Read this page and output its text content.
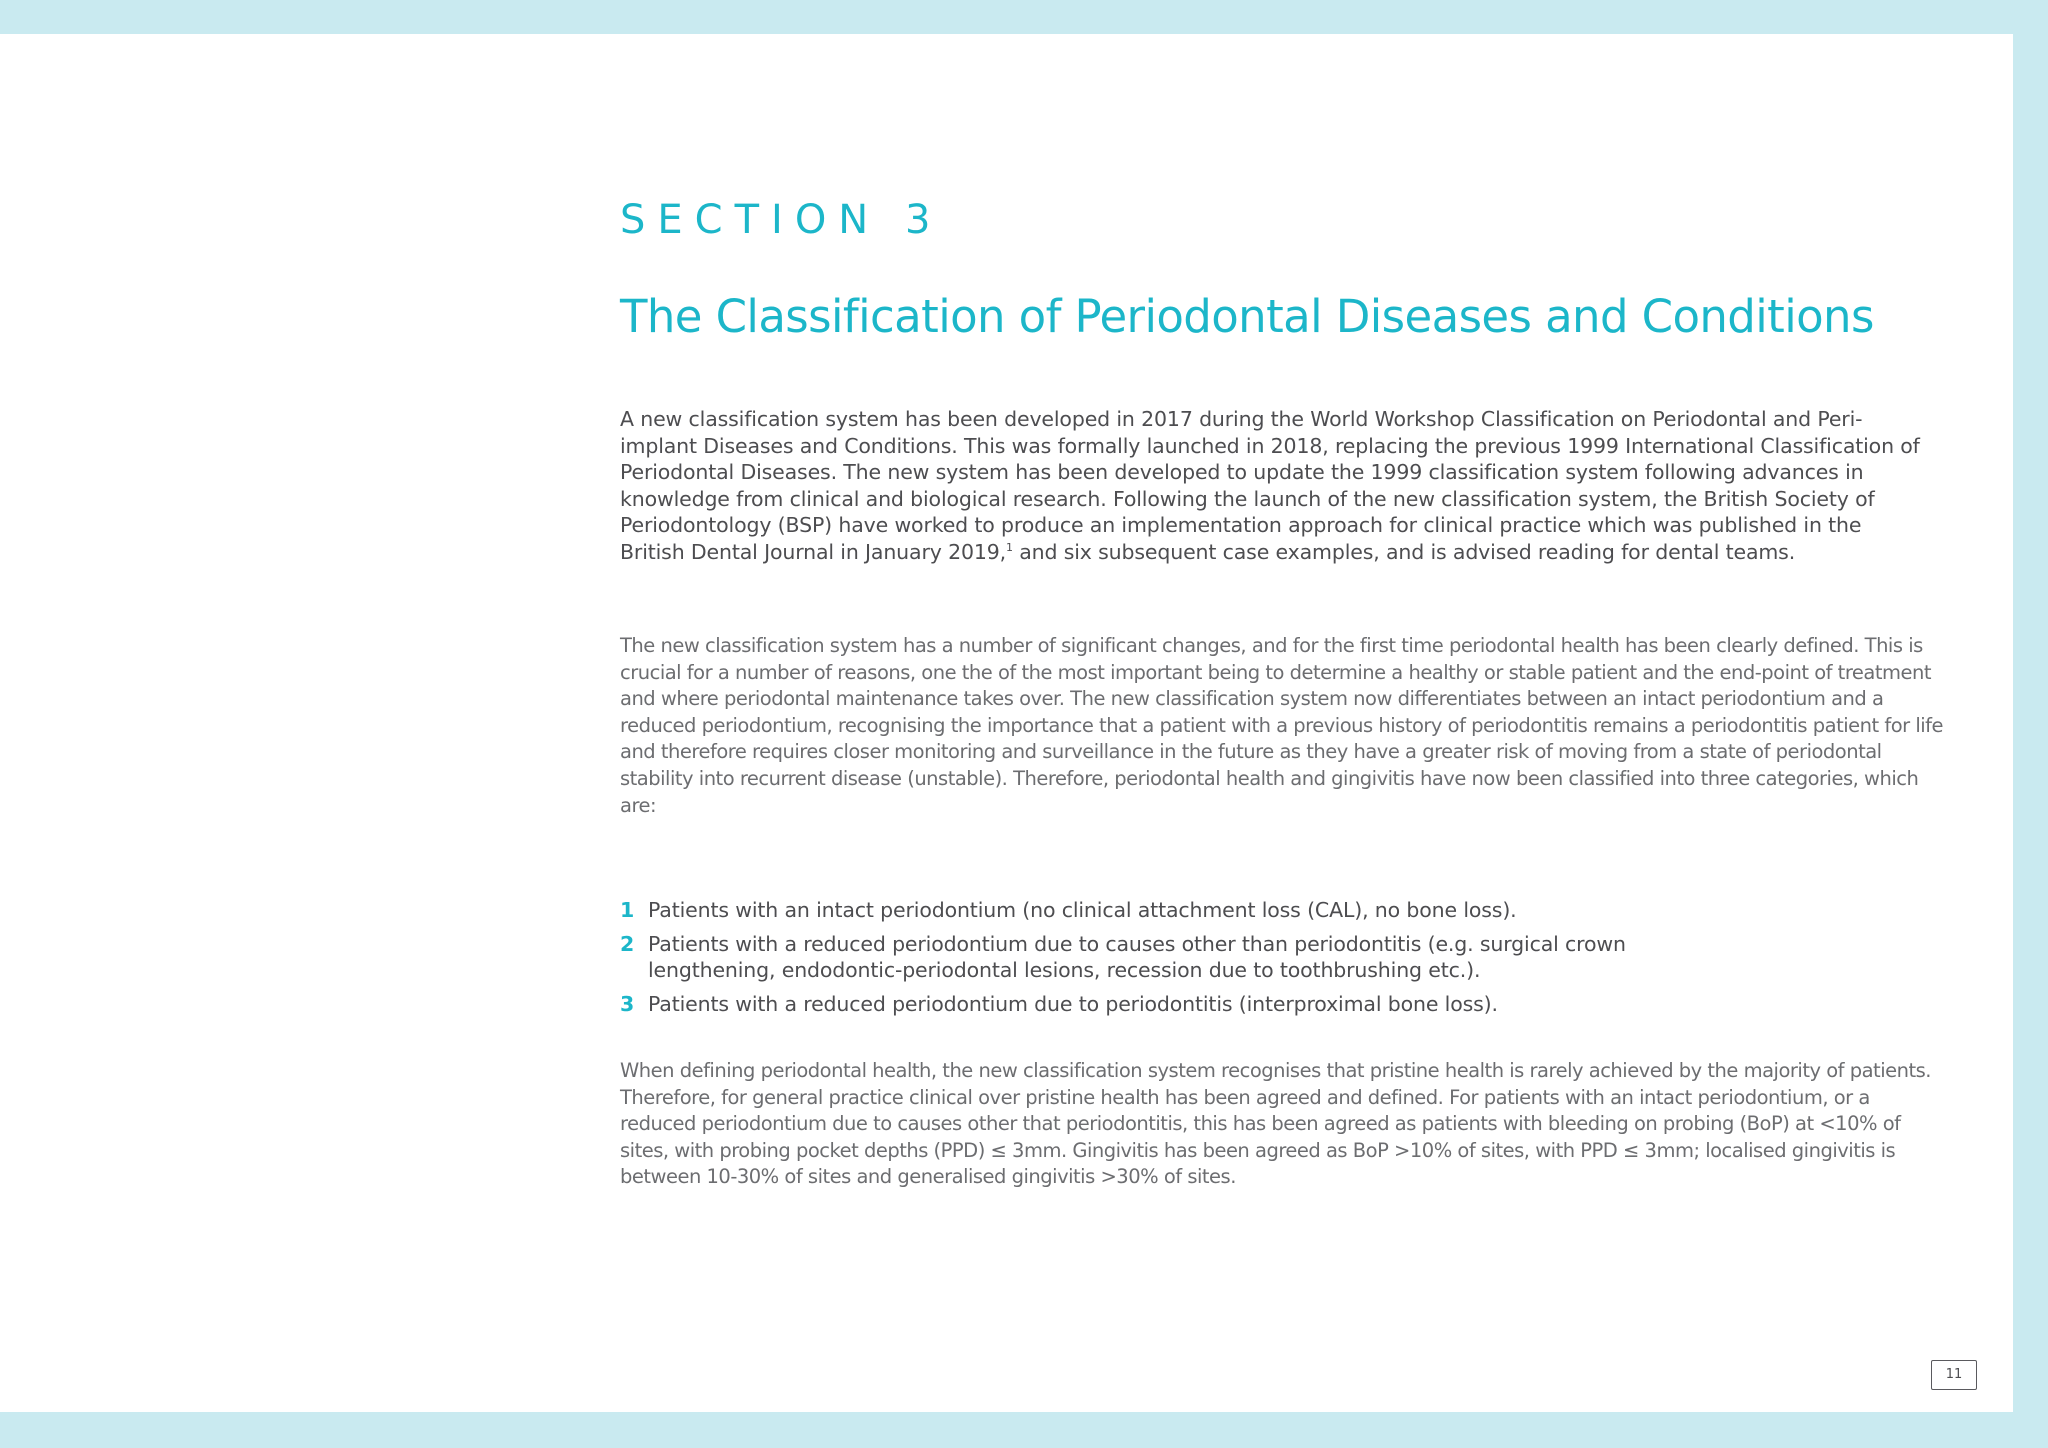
SECTION 3
The Classification of Periodontal Diseases and Conditions

A new classification system has been developed in 2017 during the World Workshop Classification on Periodontal and Peri-implant Diseases and Conditions. This was formally launched in 2018, replacing the previous 1999 International Classification of Periodontal Diseases. The new system has been developed to update the 1999 classification system following advances in knowledge from clinical and biological research. Following the launch of the new classification system, the British Society of Periodontology (BSP) have worked to produce an implementation approach for clinical practice which was published in the British Dental Journal in January 2019,$^1$ and six subsequent case examples, and is advised reading for dental teams.

The new classification system has a number of significant changes, and for the first time periodontal health has been clearly defined. This is crucial for a number of reasons, one the of the most important being to determine a healthy or stable patient and the end-point of treatment and where periodontal maintenance takes over. The new classification system now differentiates between an intact periodontium and a reduced periodontium, recognising the importance that a patient with a previous history of periodontitis remains a periodontitis patient for life and therefore requires closer monitoring and surveillance in the future as they have a greater risk of moving from a state of periodontal stability into recurrent disease (unstable). Therefore, periodontal health and gingivitis have now been classified into three categories, which are:

1 Patients with an intact periodontium (no clinical attachment loss (CAL), no bone loss).
2 Patients with a reduced periodontium due to causes other than periodontitis (e.g. surgical crown lengthening, endodontic-periodontal lesions, recession due to toothbrushing etc.).
3 Patients with a reduced periodontium due to periodontitis (interproximal bone loss).

When defining periodontal health, the new classification system recognises that pristine health is rarely achieved by the majority of patients. Therefore, for general practice clinical over pristine health has been agreed and defined. For patients with an intact periodontium, or a reduced periodontium due to causes other that periodontitis, this has been agreed as patients with bleeding on probing (BoP) at <10% of sites, with probing pocket depths (PPD) ≤ 3mm. Gingivitis has been agreed as BoP >10% of sites, with PPD ≤ 3mm; localised gingivitis is between 10-30% of sites and generalised gingivitis >30% of sites.

11
